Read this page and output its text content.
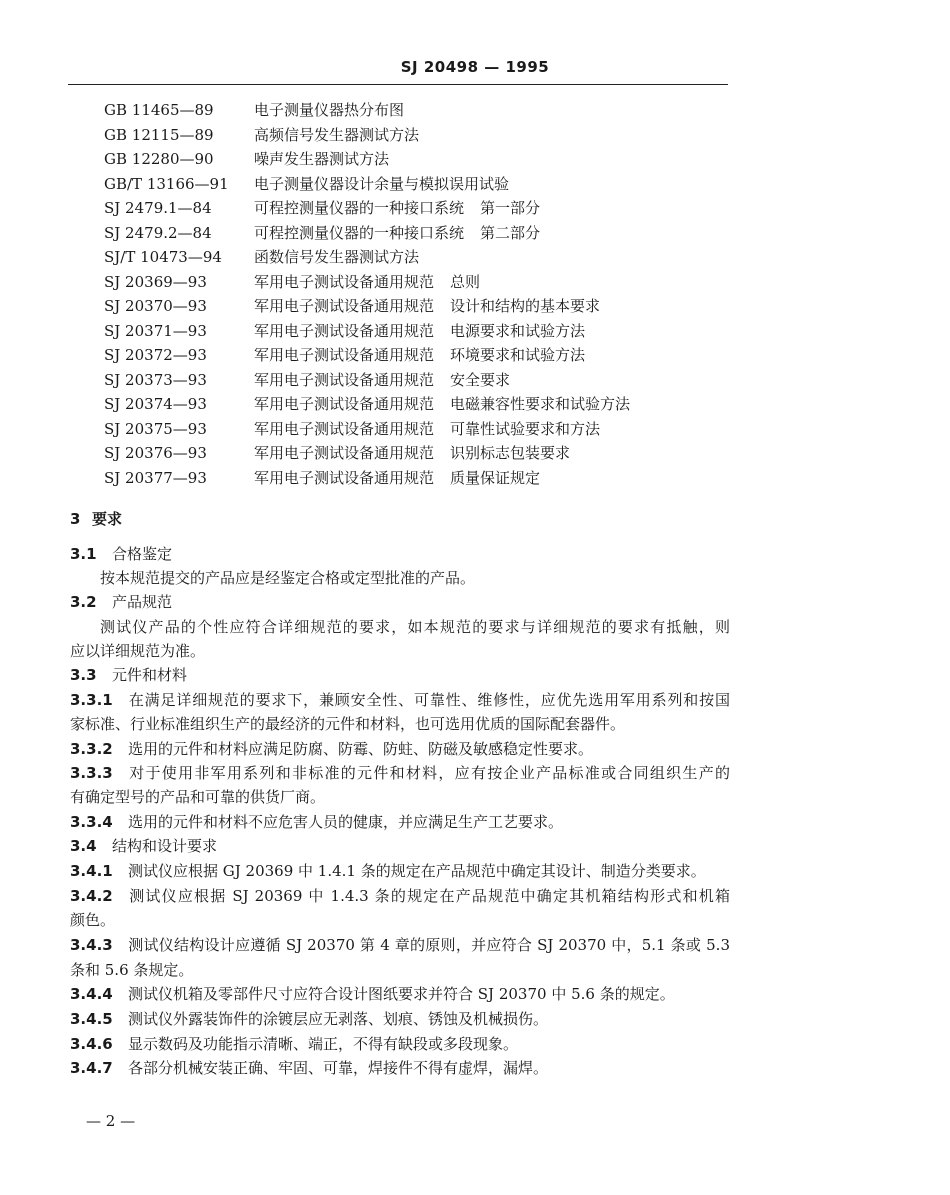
SJ 20498 — 1995
GB 11465—89	电子测量仪器热分布图
GB 12115—89	高频信号发生器测试方法
GB 12280—90	噪声发生器测试方法
GB/T 13166—91 电子测量仪器设计余量与模拟误用试验
SJ 2479.1—84	可程控测量仪器的一种接口系统 第一部分
SJ 2479.2—84	可程控测量仪器的一种接口系统 第二部分
SJ/T 10473—94 函数信号发生器测试方法
SJ 20369—93	军用电子测试设备通用规范 总则
SJ 20370—93	军用电子测试设备通用规范 设计和结构的基本要求
SJ 20371—93	军用电子测试设备通用规范 电源要求和试验方法
SJ 20372—93	军用电子测试设备通用规范 环境要求和试验方法
SJ 20373—93	军用电子测试设备通用规范 安全要求
SJ 20374—93	军用电子测试设备通用规范 电磁兼容性要求和试验方法
SJ 20375—93	军用电子测试设备通用规范 可靠性试验要求和方法
SJ 20376—93	军用电子测试设备通用规范 识别标志包装要求
SJ 20377—93	军用电子测试设备通用规范 质量保证规定
3 要求
3.1 合格鉴定
按本规范提交的产品应是经鉴定合格或定型批准的产品。
3.2 产品规范
测试仪产品的个性应符合详细规范的要求，如本规范的要求与详细规范的要求有抵触，则
应以详细规范为准。
3.3 元件和材料
3.3.1 在满足详细规范的要求下，兼顾安全性、可靠性、维修性，应优先选用军用系列和按国
家标准、行业标准组织生产的最经济的元件和材料，也可选用优质的国际配套器件。
3.3.2 选用的元件和材料应满足防腐、防霉、防蛀、防磁及敏感稳定性要求。
3.3.3 对于使用非军用系列和非标准的元件和材料，应有按企业产品标准或合同组织生产的
有确定型号的产品和可靠的供货厂商。
3.3.4 选用的元件和材料不应危害人员的健康，并应满足生产工艺要求。
3.4 结构和设计要求
3.4.1 测试仪应根据 GJ 20369 中 1.4.1 条的规定在产品规范中确定其设计、制造分类要求。
3.4.2 测试仪应根据 SJ 20369 中 1.4.3 条的规定在产品规范中确定其机箱结构形式和机箱
颜色。
3.4.3 测试仪结构设计应遵循 SJ 20370 第 4 章的原则，并应符合 SJ 20370 中，5.1 条或 5.3
条和 5.6 条规定。
3.4.4 测试仪机箱及零部件尺寸应符合设计图纸要求并符合 SJ 20370 中 5.6 条的规定。
3.4.5 测试仪外露装饰件的涂镀层应无剥落、划痕、锈蚀及机械损伤。
3.4.6 显示数码及功能指示清晰、端正，不得有缺段或多段现象。
3.4.7 各部分机械安装正确、牢固、可靠，焊接件不得有虚焊，漏焊。
— 2 —
